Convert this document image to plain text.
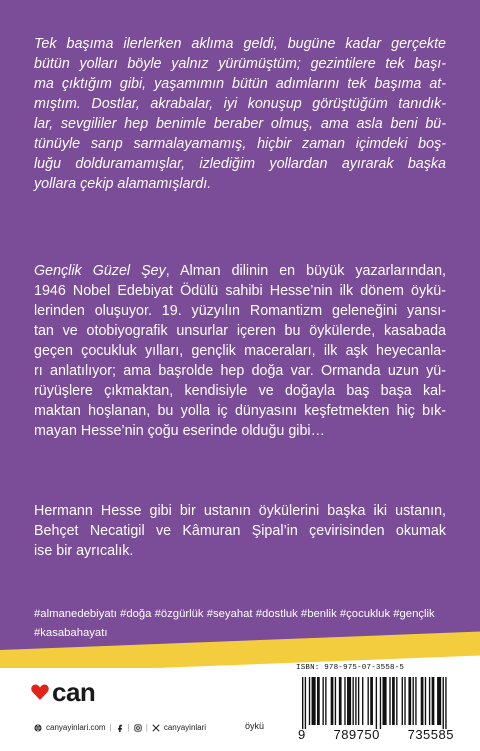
Tek başıma ilerlerken aklıma geldi, bugüne kadar gerçekte
bütün yolları böyle yalnız yürümüştüm; gezintilere tek başı-
ma çıktığım gibi, yaşamımın bütün adımlarını tek başıma at-
mıştım. Dostlar, akrabalar, iyi konuşup görüştüğüm tanıdık-
lar, sevgililer hep benimle beraber olmuş, ama asla beni bü-
tünüyle sarıp sarmalayamamış, hiçbir zaman içimdeki boş-
luğu dolduramamışlar, izlediğim yollardan ayırarak başka
yollara çekip alamamışlardı.
Gençlik Güzel Şey, Alman dilinin en büyük yazarlarından,
1946 Nobel Edebiyat Ödülü sahibi Hesse’nin ilk dönem öykü-
lerinden oluşuyor. 19. yüzyılın Romantizm geleneğini yansı-
tan ve otobiyografik unsurlar içeren bu öykülerde, kasabada
geçen çocukluk yılları, gençlik maceraları, ilk aşk heyecanla-
rı anlatılıyor; ama başrolde hep doğa var. Ormanda uzun yü-
rüyüşlere çıkmaktan, kendisiyle ve doğayla baş başa kal-
maktan hoşlanan, bu yolla iç dünyasını keşfetmekten hiç bık-
mayan Hesse’nin çoğu eserinde olduğu gibi…
Hermann Hesse gibi bir ustanın öykülerini başka iki ustanın,
Behçet Necatigil ve Kâmuran Şipal’in çevirisinden okumak
ise bir ayrıcalık.
#almanedebiyatı #doğa #özgürlük #seyahat #dostluk #benlik #çocukluk #gençlik
#kasabahayatı
can
canyayinlari.com | | | canyayinlari	öykü
ISBN: 978-975-07-3558-5
9 789750 735585
